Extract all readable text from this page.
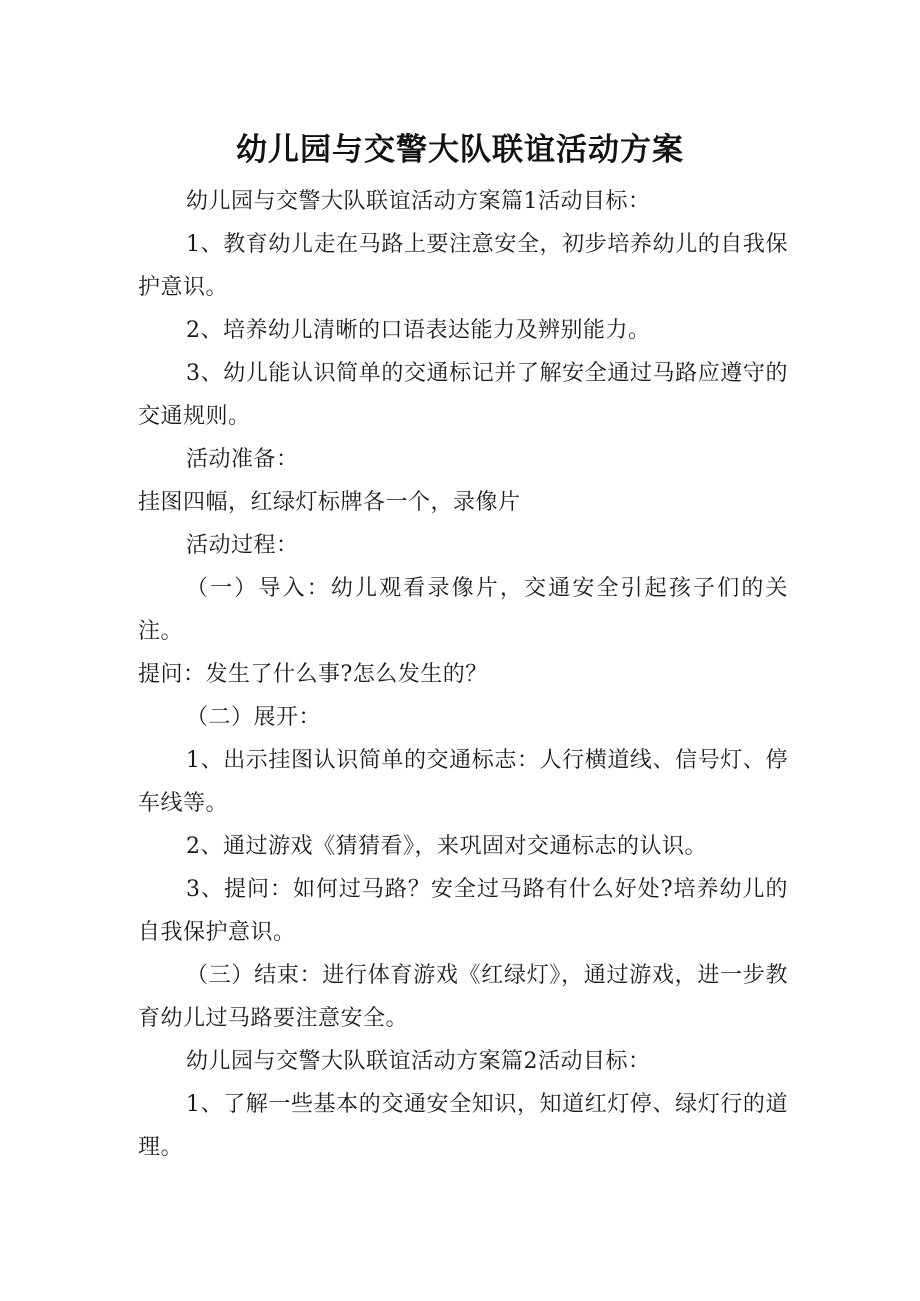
幼儿园与交警大队联谊活动方案

幼儿园与交警大队联谊活动方案篇1活动目标：

1、教育幼儿走在马路上要注意安全，初步培养幼儿的自我保护意识。

2、培养幼儿清晰的口语表达能力及辨别能力。

3、幼儿能认识简单的交通标记并了解安全通过马路应遵守的交通规则。

活动准备：

挂图四幅，红绿灯标牌各一个，录像片

活动过程：

（一）导入：幼儿观看录像片，交通安全引起孩子们的关注。

提问：发生了什么事?怎么发生的？

（二）展开：

1、出示挂图认识简单的交通标志：人行横道线、信号灯、停车线等。

2、通过游戏《猜猜看》，来巩固对交通标志的认识。

3、提问：如何过马路？安全过马路有什么好处?培养幼儿的自我保护意识。

（三）结束：进行体育游戏《红绿灯》，通过游戏，进一步教育幼儿过马路要注意安全。

幼儿园与交警大队联谊活动方案篇2活动目标：

1、了解一些基本的交通安全知识，知道红灯停、绿灯行的道理。
